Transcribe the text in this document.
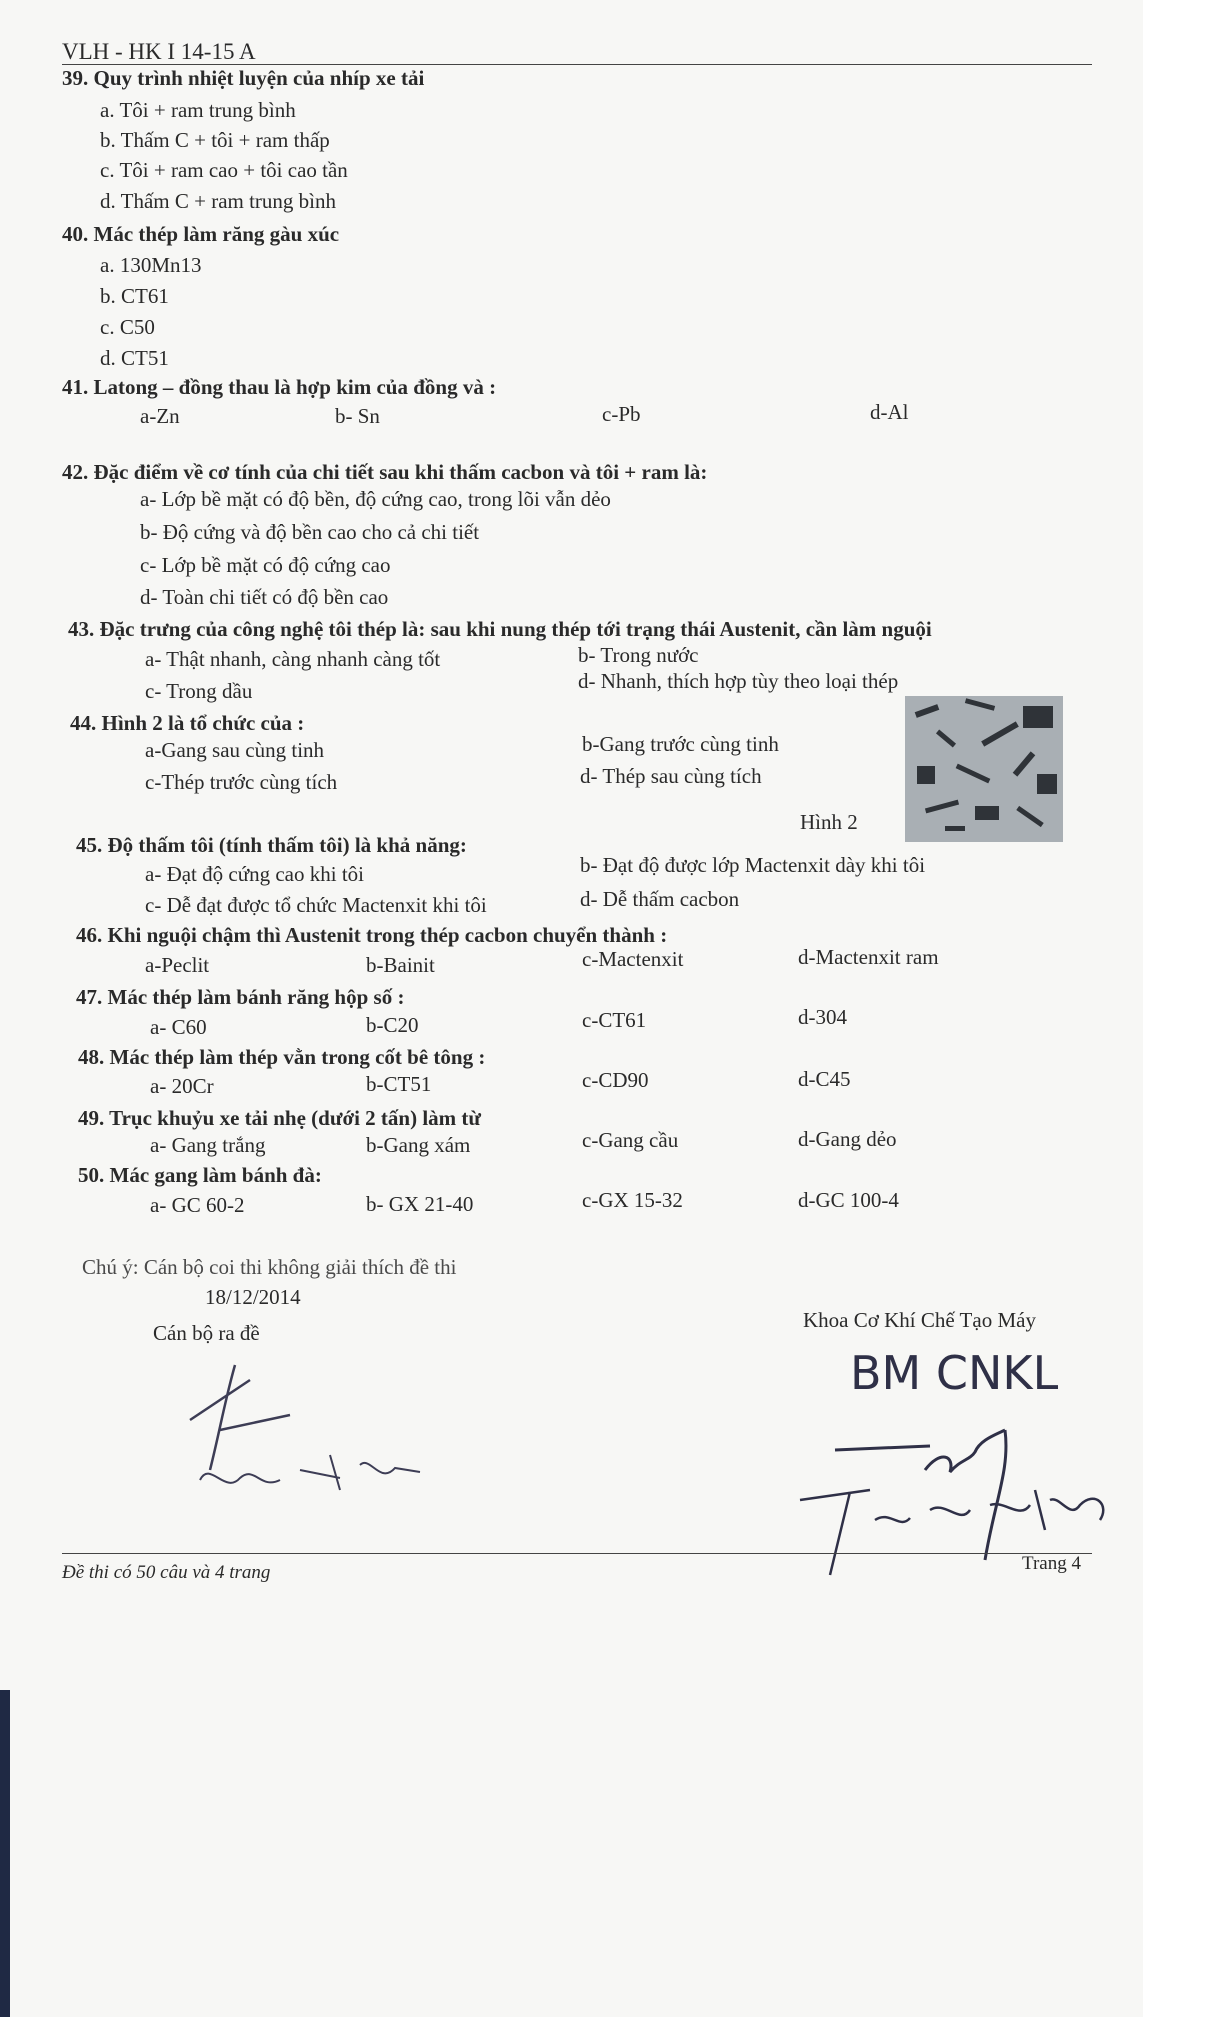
VLH - HK I 14-15 A
39. Quy trình nhiệt luyện của nhíp xe tải
a. Tôi + ram trung bình
b. Thấm C + tôi + ram thấp
c. Tôi + ram cao + tôi cao tần
d. Thấm C + ram trung bình
40. Mác thép làm răng gàu xúc
a. 130Mn13
b. CT61
c. C50
d. CT51
41. Latong – đồng thau là hợp kim của đồng và :
a-Zn	b- Sn	c-Pb	d-Al
42. Đặc điểm về cơ tính của chi tiết sau khi thấm cacbon và tôi + ram là:
a- Lớp bề mặt có độ bền, độ cứng cao, trong lõi vẫn dẻo
b- Độ cứng và độ bền cao cho cả chi tiết
c- Lớp bề mặt có độ cứng cao
d- Toàn chi tiết có độ bền cao
43. Đặc trưng của công nghệ tôi thép là: sau khi nung thép tới trạng thái Austenit, cần làm nguội
a- Thật nhanh, càng nhanh càng tốt	b- Trong nước
c- Trong dầu	d- Nhanh, thích hợp tùy theo loại thép
44. Hình 2 là tổ chức của :
a-Gang sau cùng tinh	b-Gang trước cùng tinh
c-Thép trước cùng tích	d- Thép sau cùng tích
Hình 2
45. Độ thấm tôi (tính thấm tôi) là khả năng:
a- Đạt độ cứng cao khi tôi	b- Đạt độ được lớp Mactenxit dày khi tôi
c- Dễ đạt được tổ chức Mactenxit khi tôi	d- Dễ thấm cacbon
46. Khi nguội chậm thì Austenit trong thép cacbon chuyển thành :
a-Peclit	b-Bainit	c-Mactenxit	d-Mactenxit ram
47. Mác thép làm bánh răng hộp số :
a- C60	b-C20	c-CT61	d-304
48. Mác thép làm thép vằn trong cốt bê tông :
a- 20Cr	b-CT51	c-CD90	d-C45
49. Trục khuỷu xe tải nhẹ (dưới 2 tấn) làm từ
a- Gang trắng	b-Gang xám	c-Gang cầu	d-Gang dẻo
50. Mác gang làm bánh đà:
a- GC 60-2	b- GX 21-40	c-GX 15-32	d-GC 100-4
Chú ý: Cán bộ coi thi không giải thích đề thi
18/12/2014
Cán bộ ra đề
Khoa Cơ Khí Chế Tạo Máy
BM CNKL
Đề thi có 50 câu và 4 trang	Trang 4
